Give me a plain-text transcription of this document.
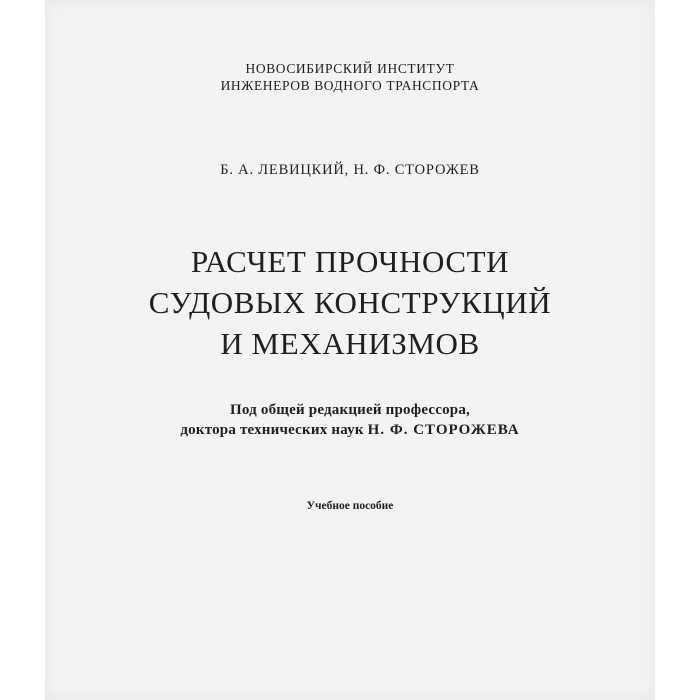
НОВОСИБИРСКИЙ ИНСТИТУТ
ИНЖЕНЕРОВ ВОДНОГО ТРАНСПОРТА
Б. А. ЛЕВИЦКИЙ, Н. Ф. СТОРОЖЕВ
РАСЧЕТ ПРОЧНОСТИ
СУДОВЫХ КОНСТРУКЦИЙ
И МЕХАНИЗМОВ
Под общей редакцией профессора,
доктора технических наук Н. Ф. СТОРОЖЕВА
Учебное пособие
